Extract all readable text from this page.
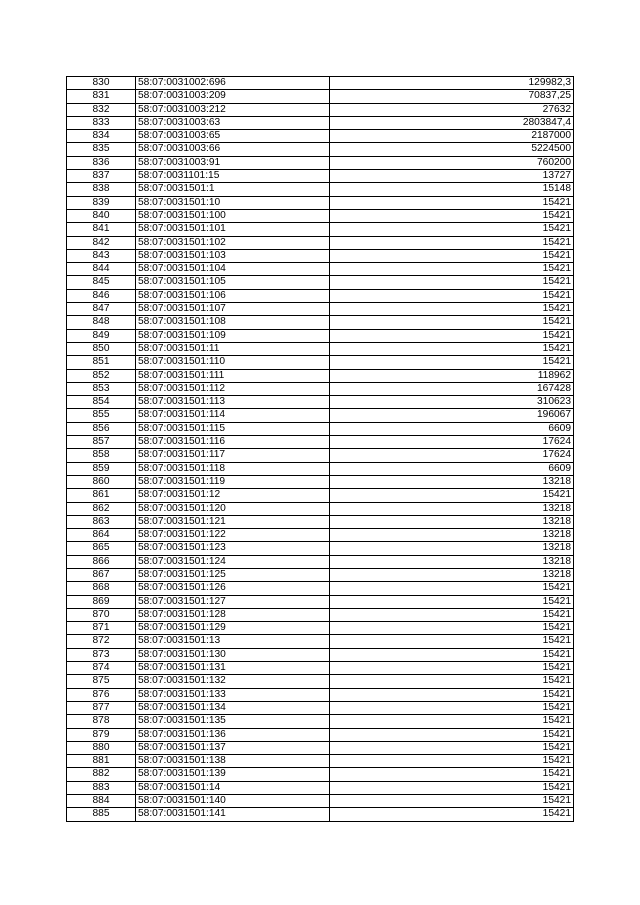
830	58:07:0031002:696	129982,3
831	58:07:0031003:209	70837,25
832	58:07:0031003:212	27632
833	58:07:0031003:63	2803847,4
834	58:07:0031003:65	2187000
835	58:07:0031003:66	5224500
836	58:07:0031003:91	760200
837	58:07:0031101:15	13727
838	58:07:0031501:1	15148
839	58:07:0031501:10	15421
840	58:07:0031501:100	15421
841	58:07:0031501:101	15421
842	58:07:0031501:102	15421
843	58:07:0031501:103	15421
844	58:07:0031501:104	15421
845	58:07:0031501:105	15421
846	58:07:0031501:106	15421
847	58:07:0031501:107	15421
848	58:07:0031501:108	15421
849	58:07:0031501:109	15421
850	58:07:0031501:11	15421
851	58:07:0031501:110	15421
852	58:07:0031501:111	118962
853	58:07:0031501:112	167428
854	58:07:0031501:113	310623
855	58:07:0031501:114	196067
856	58:07:0031501:115	6609
857	58:07:0031501:116	17624
858	58:07:0031501:117	17624
859	58:07:0031501:118	6609
860	58:07:0031501:119	13218
861	58:07:0031501:12	15421
862	58:07:0031501:120	13218
863	58:07:0031501:121	13218
864	58:07:0031501:122	13218
865	58:07:0031501:123	13218
866	58:07:0031501:124	13218
867	58:07:0031501:125	13218
868	58:07:0031501:126	15421
869	58:07:0031501:127	15421
870	58:07:0031501:128	15421
871	58:07:0031501:129	15421
872	58:07:0031501:13	15421
873	58:07:0031501:130	15421
874	58:07:0031501:131	15421
875	58:07:0031501:132	15421
876	58:07:0031501:133	15421
877	58:07:0031501:134	15421
878	58:07:0031501:135	15421
879	58:07:0031501:136	15421
880	58:07:0031501:137	15421
881	58:07:0031501:138	15421
882	58:07:0031501:139	15421
883	58:07:0031501:14	15421
884	58:07:0031501:140	15421
885	58:07:0031501:141	15421
